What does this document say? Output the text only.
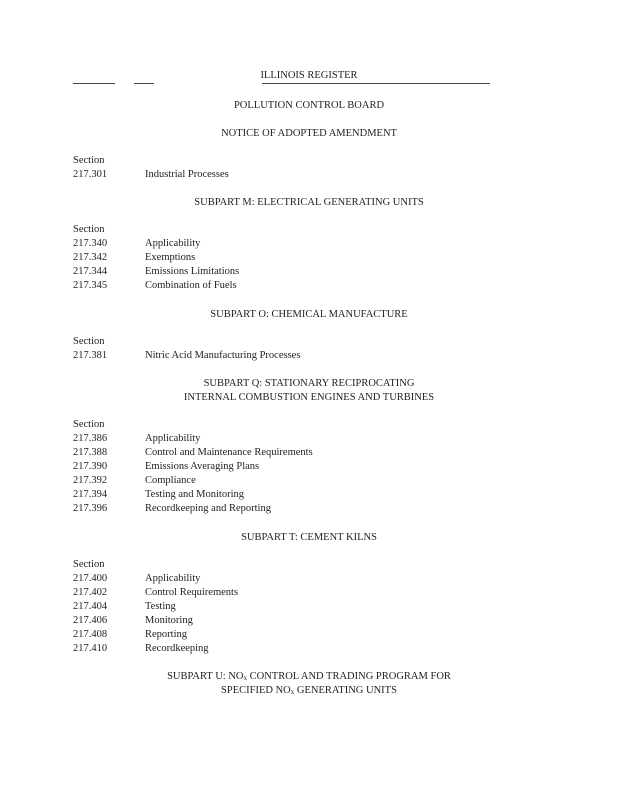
ILLINOIS REGISTER
POLLUTION CONTROL BOARD
NOTICE OF ADOPTED AMENDMENT
Section
217.301	Industrial Processes
SUBPART M: ELECTRICAL GENERATING UNITS
Section
217.340	Applicability
217.342	Exemptions
217.344	Emissions Limitations
217.345	Combination of Fuels
SUBPART O: CHEMICAL MANUFACTURE
Section
217.381	Nitric Acid Manufacturing Processes
SUBPART Q: STATIONARY RECIPROCATING
INTERNAL COMBUSTION ENGINES AND TURBINES
Section
217.386	Applicability
217.388	Control and Maintenance Requirements
217.390	Emissions Averaging Plans
217.392	Compliance
217.394	Testing and Monitoring
217.396	Recordkeeping and Reporting
SUBPART T: CEMENT KILNS
Section
217.400	Applicability
217.402	Control Requirements
217.404	Testing
217.406	Monitoring
217.408	Reporting
217.410	Recordkeeping
SUBPART U: $NO_x$ CONTROL AND TRADING PROGRAM FOR
SPECIFIED $NO_x$ GENERATING UNITS
